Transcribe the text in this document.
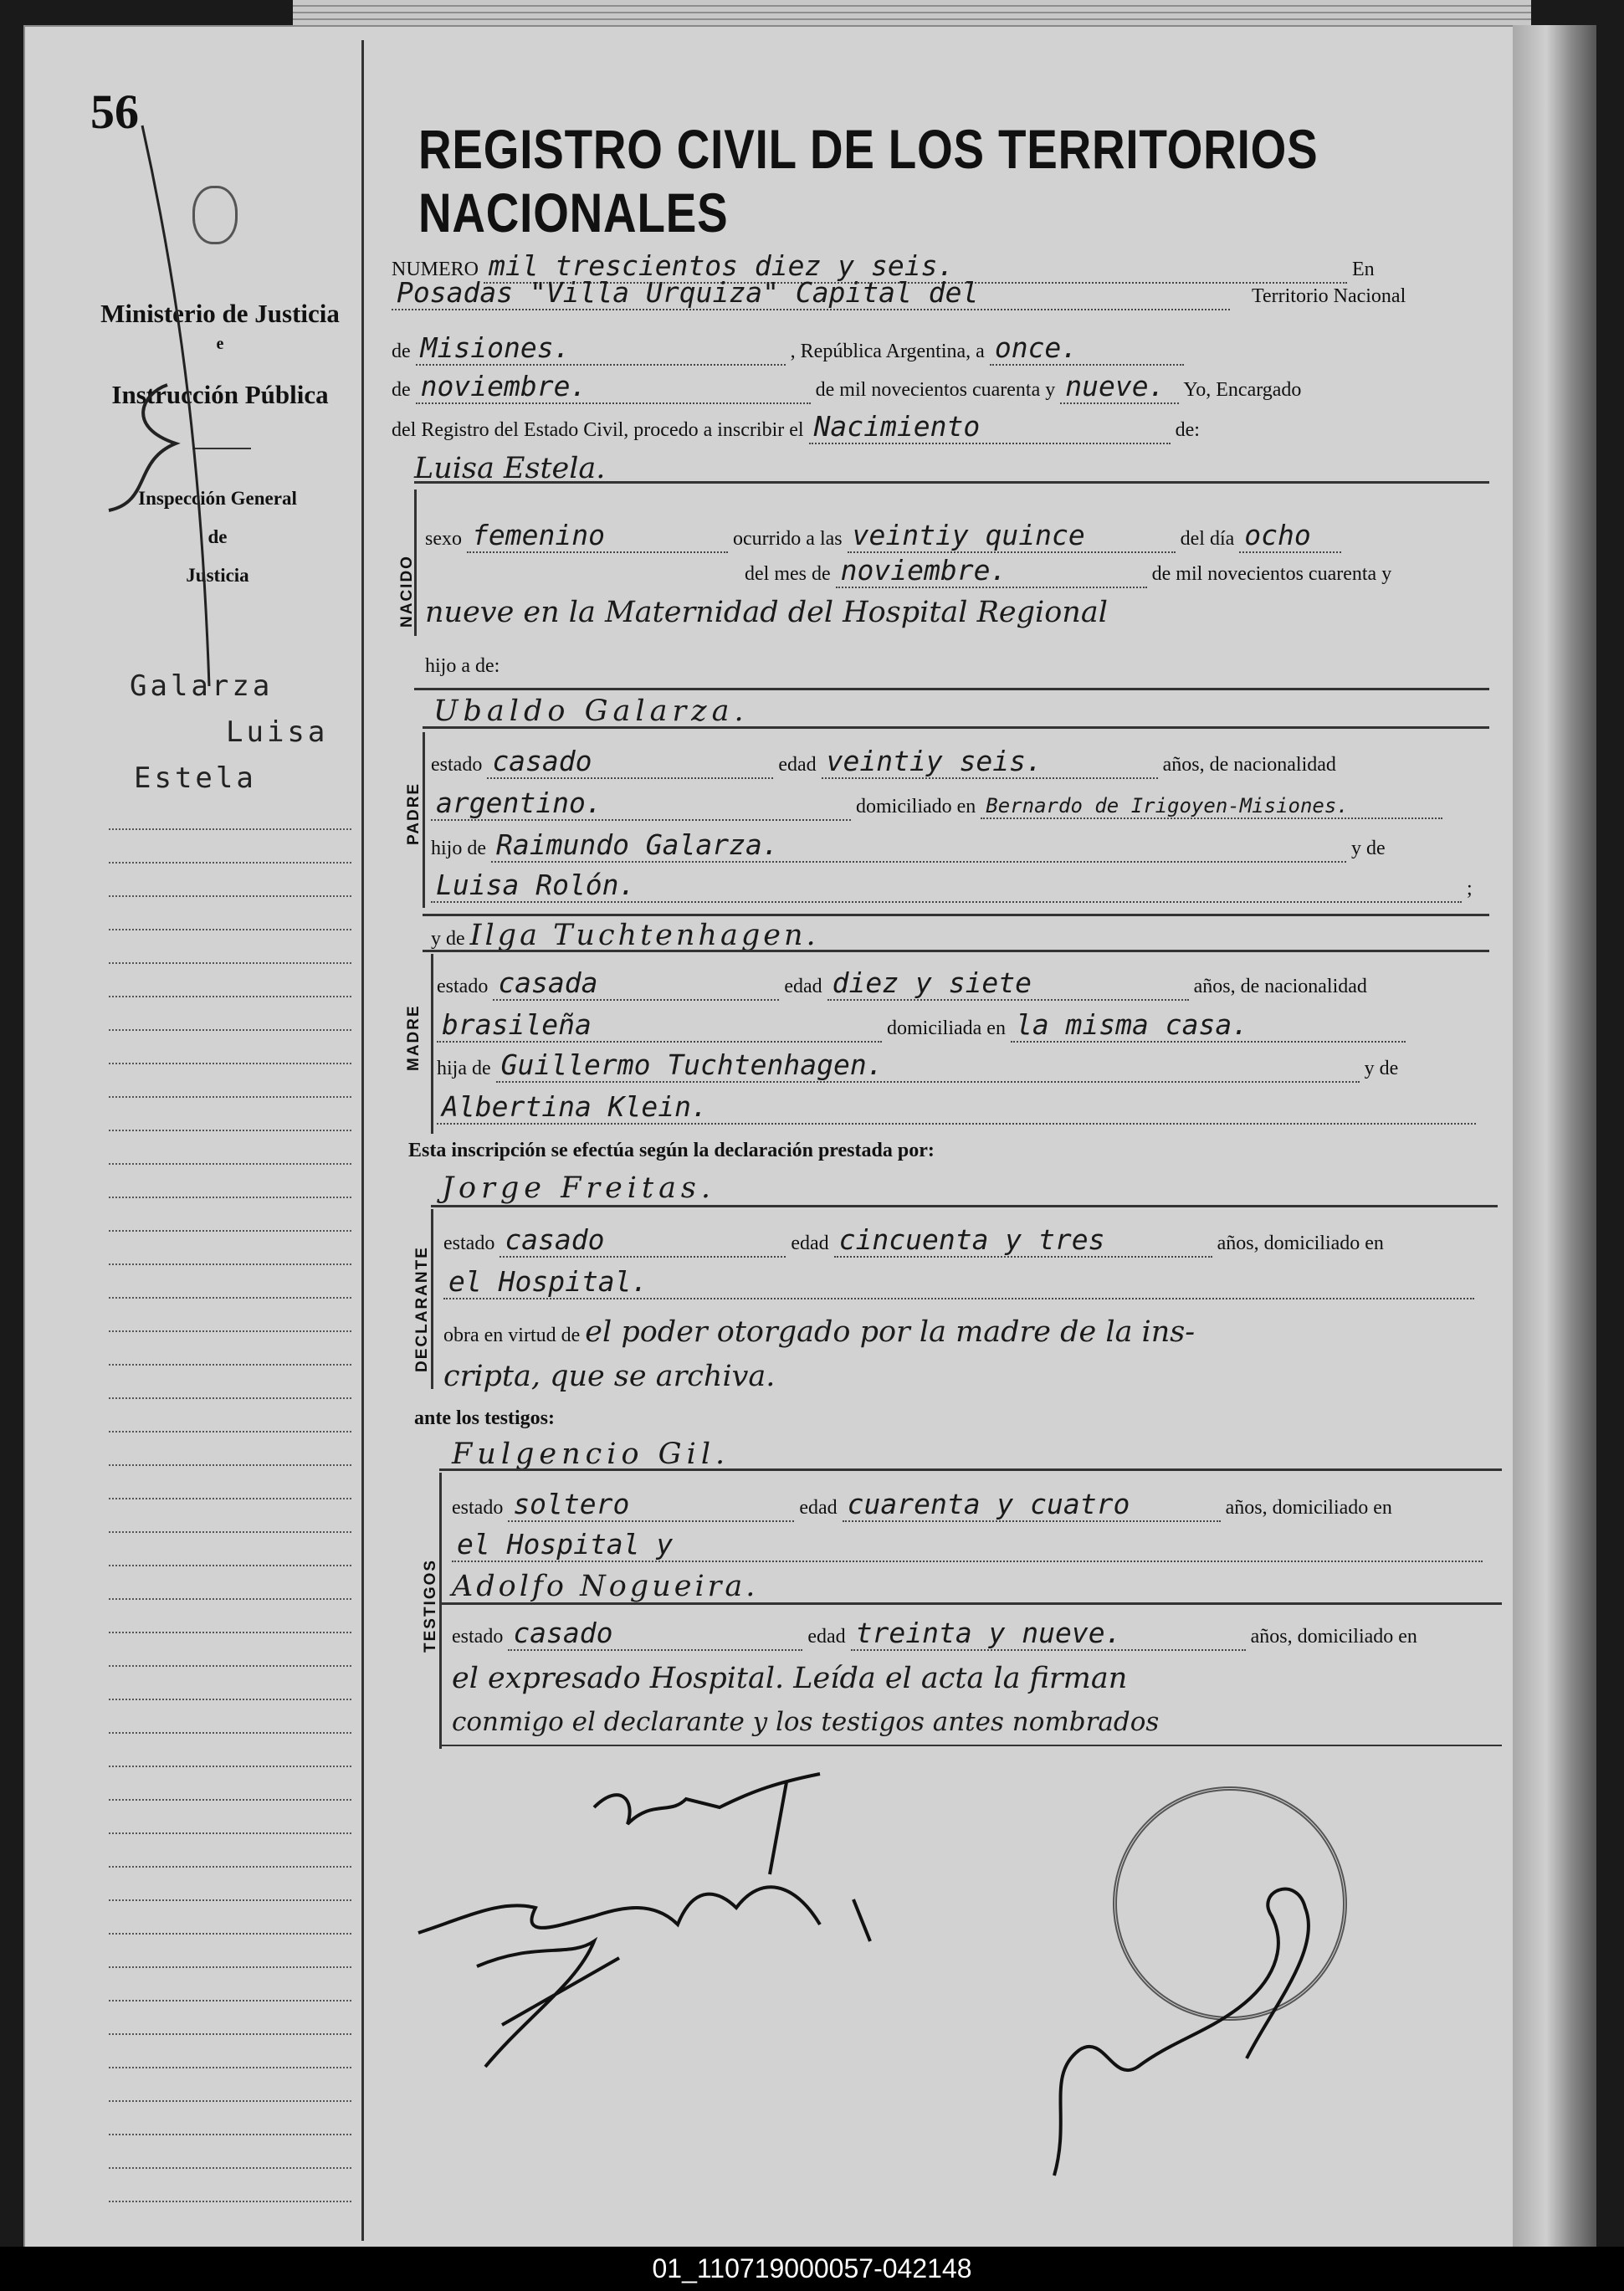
56
Ministerio de Justicia
e
Instrucción Pública
Inspección General
de
Justicia
Galarza
Luisa
Estela
REGISTRO CIVIL DE LOS TERRITORIOS NACIONALES
NUMERO mil trescientos diez y seis.	En
Posadas "Villa Urquiza" Capital del	Territorio Nacional
de Misiones.	, República Argentina, a once.
de noviembre.	de mil novecientos cuarenta y nueve. Yo, Encargado
del Registro del Estado Civil, procedo a inscribir el Nacimiento	de:
Luisa Estela.
NACIDO
sexo femenino	ocurrido a las veintiy quince	del día ocho
del mes de noviembre.	de mil novecientos cuarenta y
nueve en la Maternidad del Hospital Regional
hijo a de:
Ubaldo Galarza.
PADRE
estado casado	edad veintiy seis.	años, de nacionalidad
argentino.	domiciliado en Bernardo de Irigoyen-Misiones.
hijo de Raimundo Galarza.	y de
Luisa Rolón.	;
y de Ilga Tuchtenhagen.
MADRE
estado casada	edad diez y siete	años, de nacionalidad
brasileña	domiciliada en la misma casa.
hija de Guillermo Tuchtenhagen.	y de
Albertina Klein.
Esta inscripción se efectúa según la declaración prestada por:
Jorge Freitas.
DECLARANTE
estado casado	edad cincuenta y tres	años, domiciliado en
el Hospital.
obra en virtud de el poder otorgado por la madre de la ins-
cripta, que se archiva.
ante los testigos:
Fulgencio Gil.
TESTIGOS
estado soltero	edad cuarenta y cuatro	años, domiciliado en
el Hospital y
Adolfo Nogueira.
estado casado	edad treinta y nueve.	años, domiciliado en
el expresado Hospital. Leída el acta la firman
conmigo el declarante y los testigos antes nombrados
01_110719000057-042148
